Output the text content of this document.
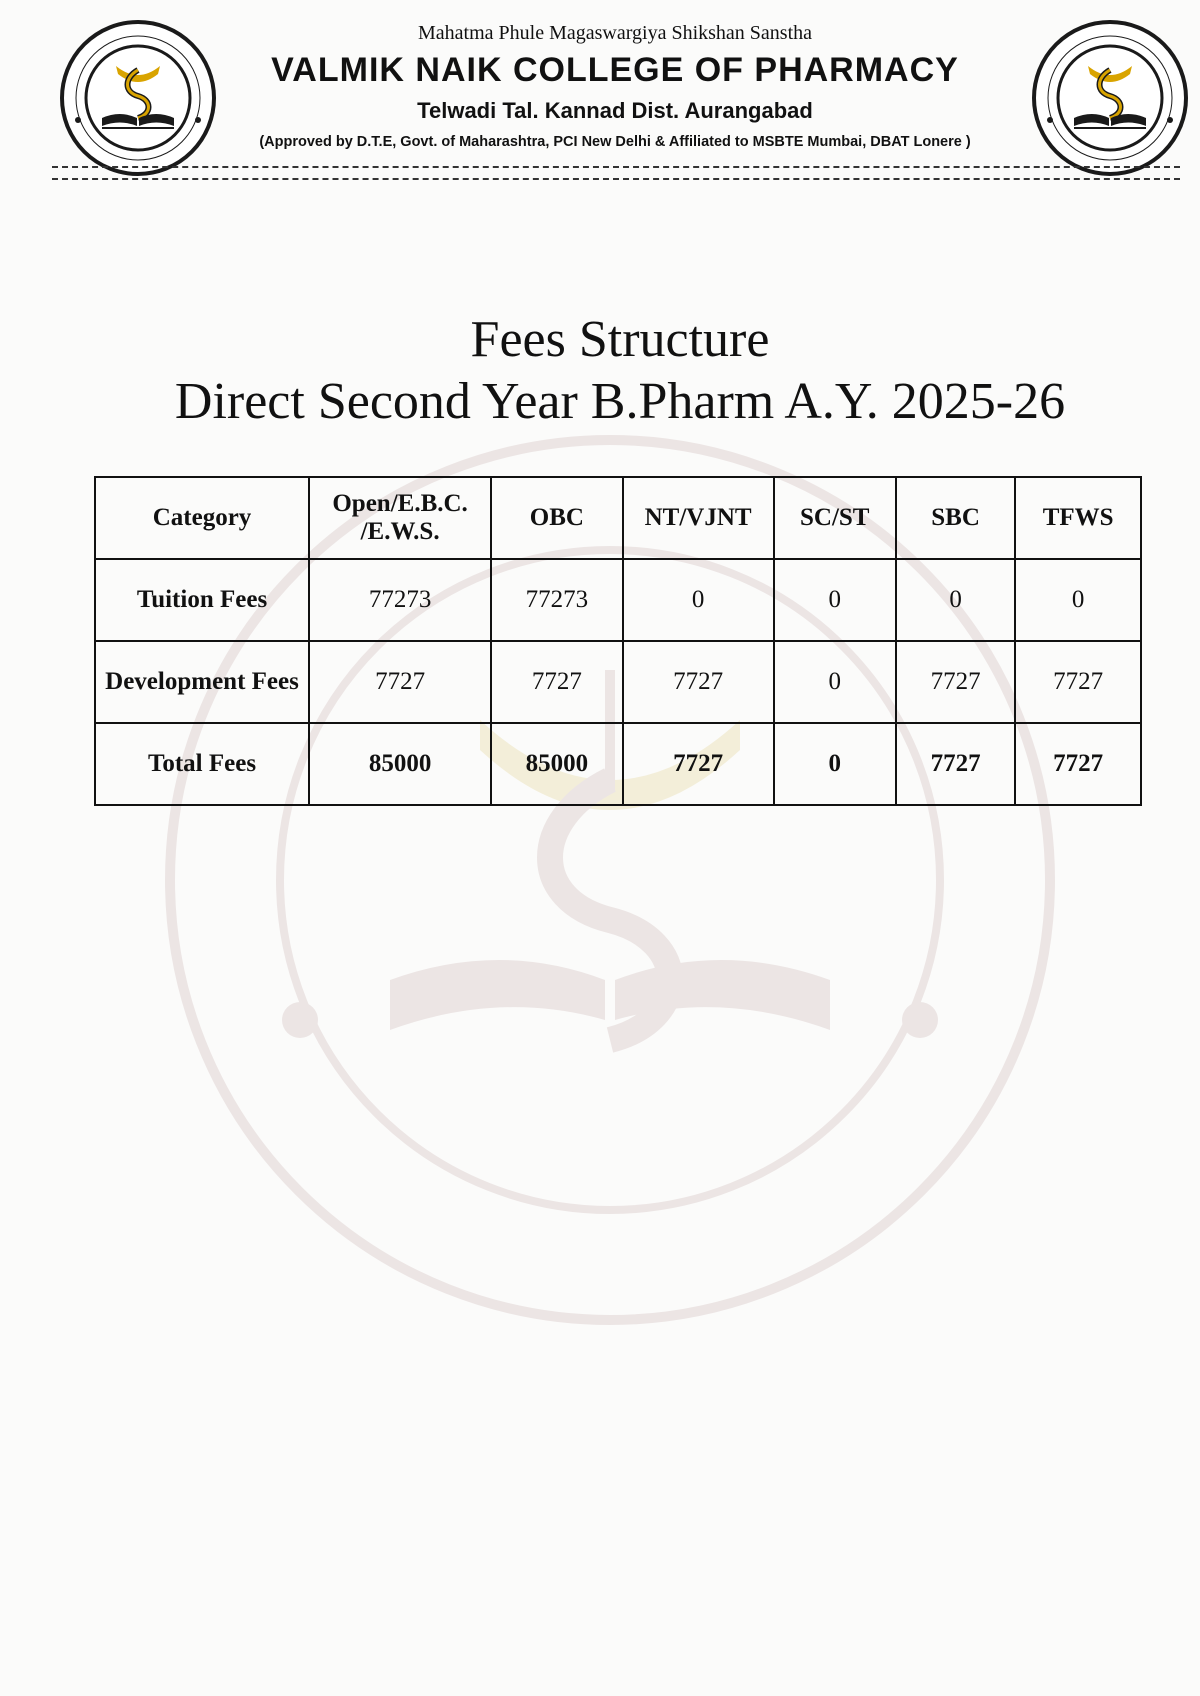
Mahatma Phule Magaswargiya Shikshan Sanstha
VALMIK NAIK COLLEGE OF PHARMACY
Telwadi Tal. Kannad Dist. Aurangabad
(Approved by D.T.E, Govt. of Maharashtra, PCI New Delhi & Affiliated to MSBTE Mumbai, DBAT Lonere )
Fees Structure
Direct Second Year B.Pharm A.Y. 2025-26
Category	Open/E.B.C. /E.W.S.	OBC	NT/VJNT	SC/ST	SBC	TFWS
Tuition Fees	77273	77273	0	0	0	0
Development Fees	7727	7727	7727	0	7727	7727
Total Fees	85000	85000	7727	0	7727	7727
